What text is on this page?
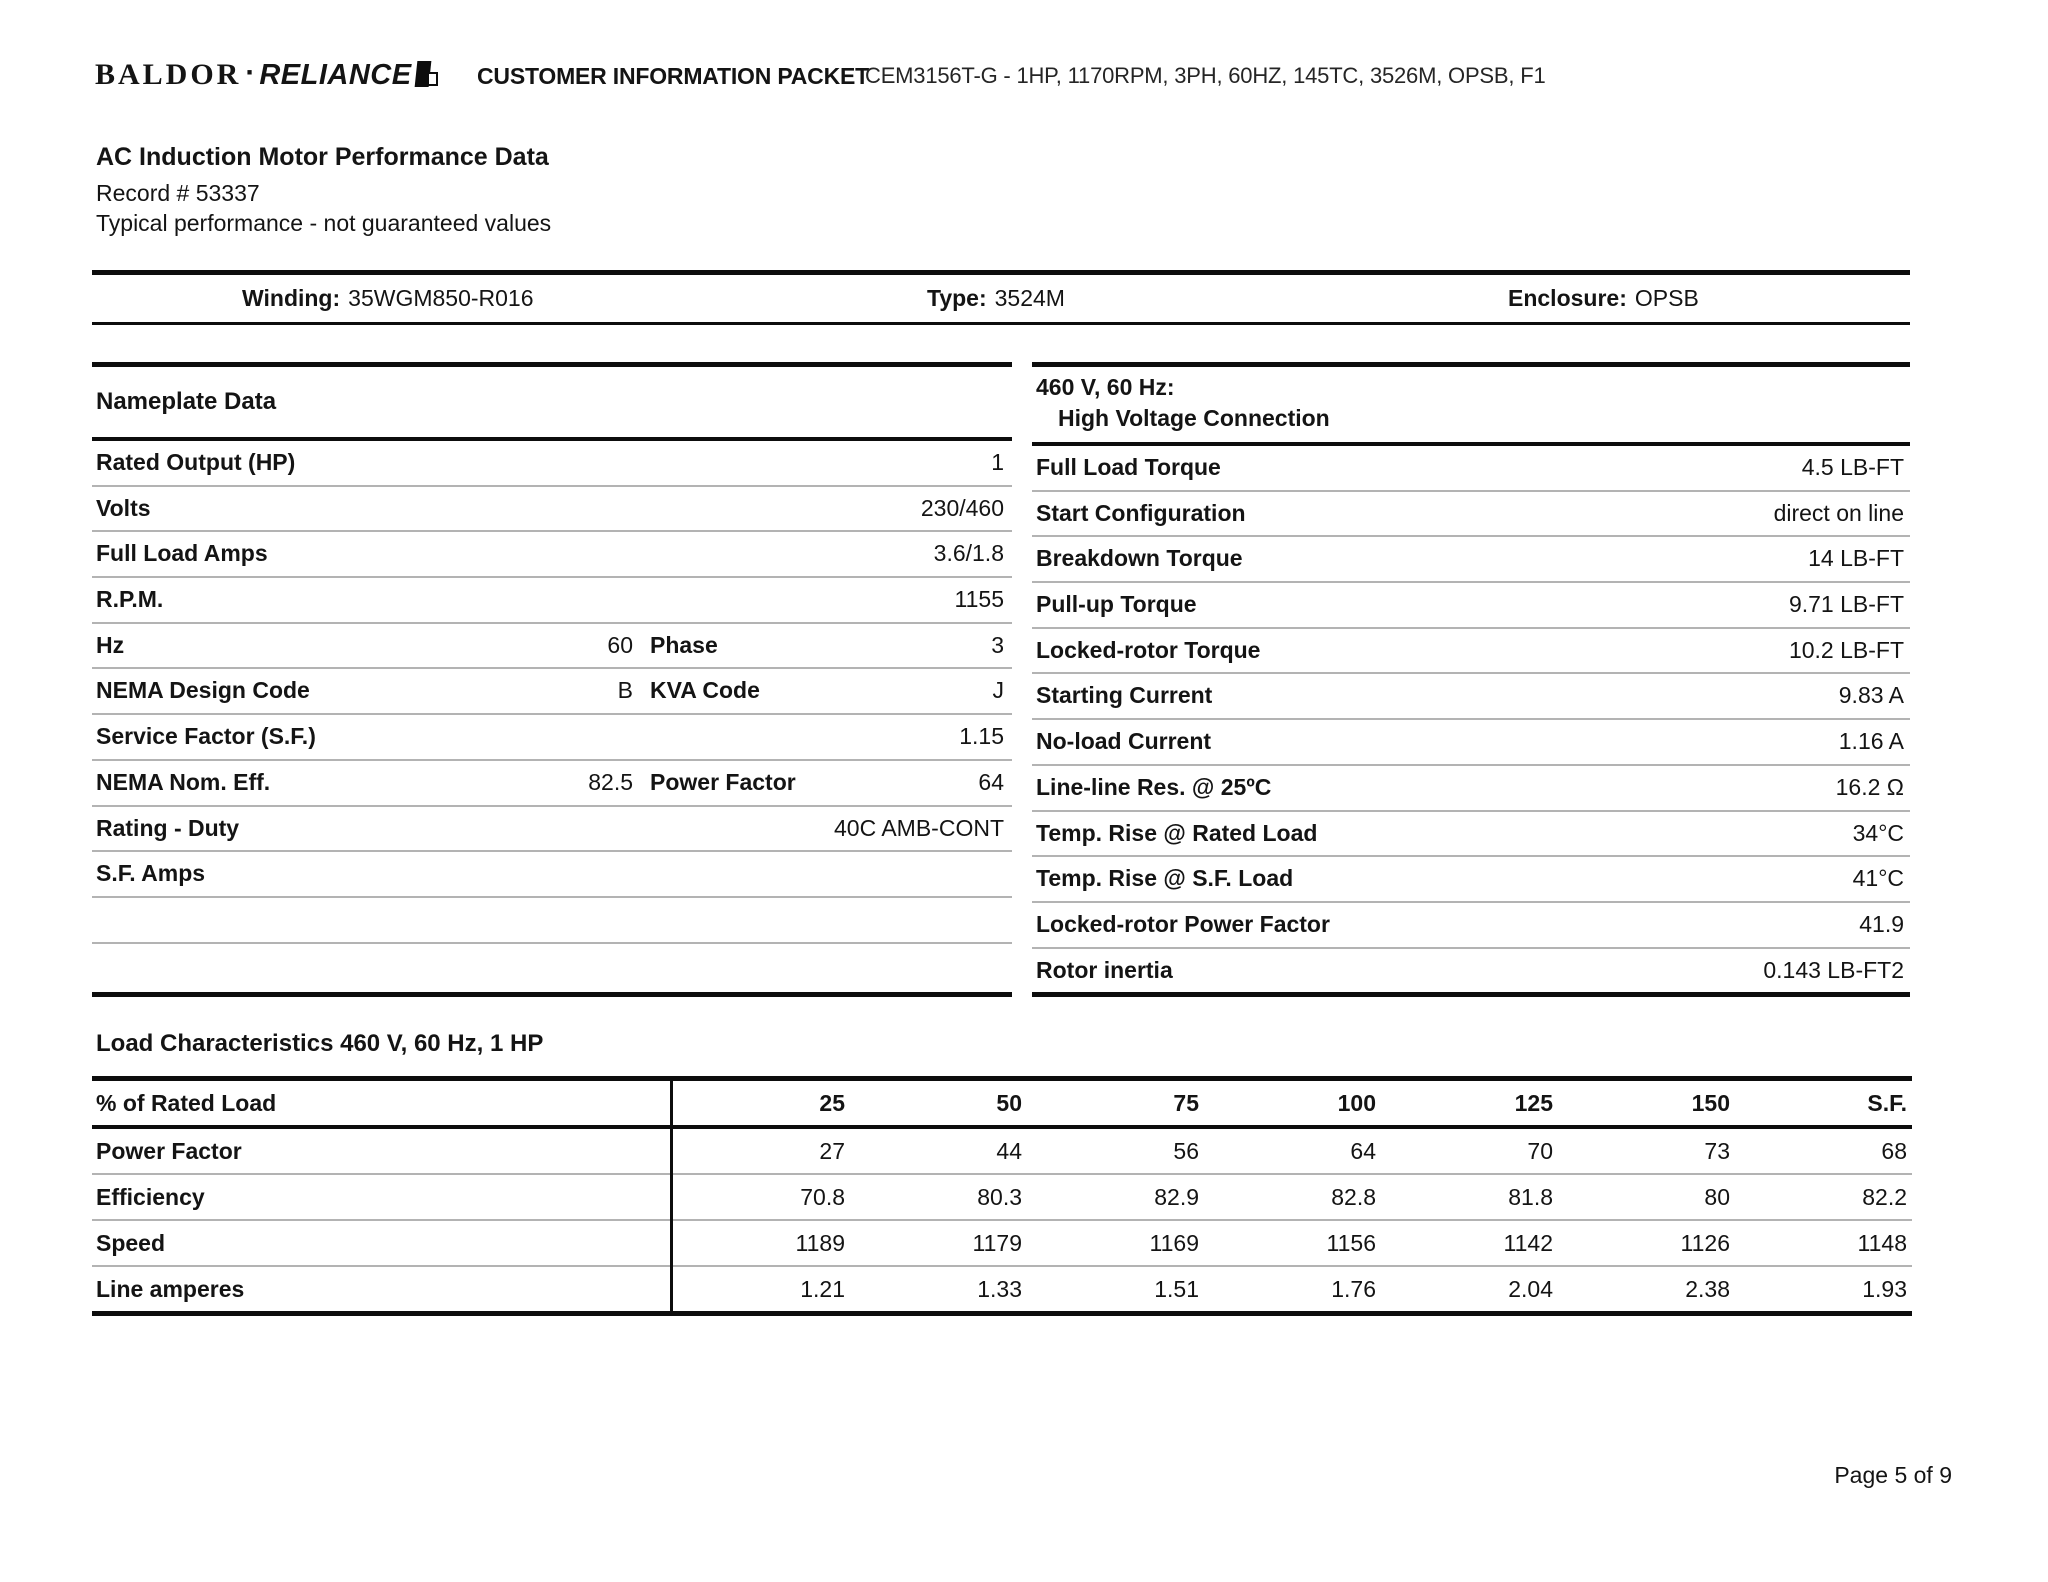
BALDOR · RELIANCE	CUSTOMER INFORMATION PACKET
CEM3156T-G - 1HP, 1170RPM, 3PH, 60HZ, 145TC, 3526M, OPSB, F1
AC Induction Motor Performance Data
Record # 53337
Typical performance - not guaranteed values
Winding: 35WGM850-R016	Type: 3524M	Enclosure: OPSB
Nameplate Data
Rated Output (HP)	1
Volts	230/460
Full Load Amps	3.6/1.8
R.P.M.	1155
Hz	60 Phase	3
NEMA Design Code	B KVA Code	J
Service Factor (S.F.)	1.15
NEMA Nom. Eff.	82.5 Power Factor	64
Rating - Duty	40C AMB-CONT
S.F. Amps
460 V, 60 Hz:
High Voltage Connection
Full Load Torque	4.5 LB-FT
Start Configuration	direct on line
Breakdown Torque	14 LB-FT
Pull-up Torque	9.71 LB-FT
Locked-rotor Torque	10.2 LB-FT
Starting Current	9.83 A
No-load Current	1.16 A
Line-line Res. @ 25ºC	16.2 Ω
Temp. Rise @ Rated Load	34°C
Temp. Rise @ S.F. Load	41°C
Locked-rotor Power Factor	41.9
Rotor inertia	0.143 LB-FT2
Load Characteristics 460 V, 60 Hz, 1 HP
% of Rated Load	25	50	75	100	125	150	S.F.
Power Factor	27	44	56	64	70	73	68
Efficiency	70.8	80.3	82.9	82.8	81.8	80	82.2
Speed	1189	1179	1169	1156	1142	1126	1148
Line amperes	1.21	1.33	1.51	1.76	2.04	2.38	1.93
Page 5 of 9
